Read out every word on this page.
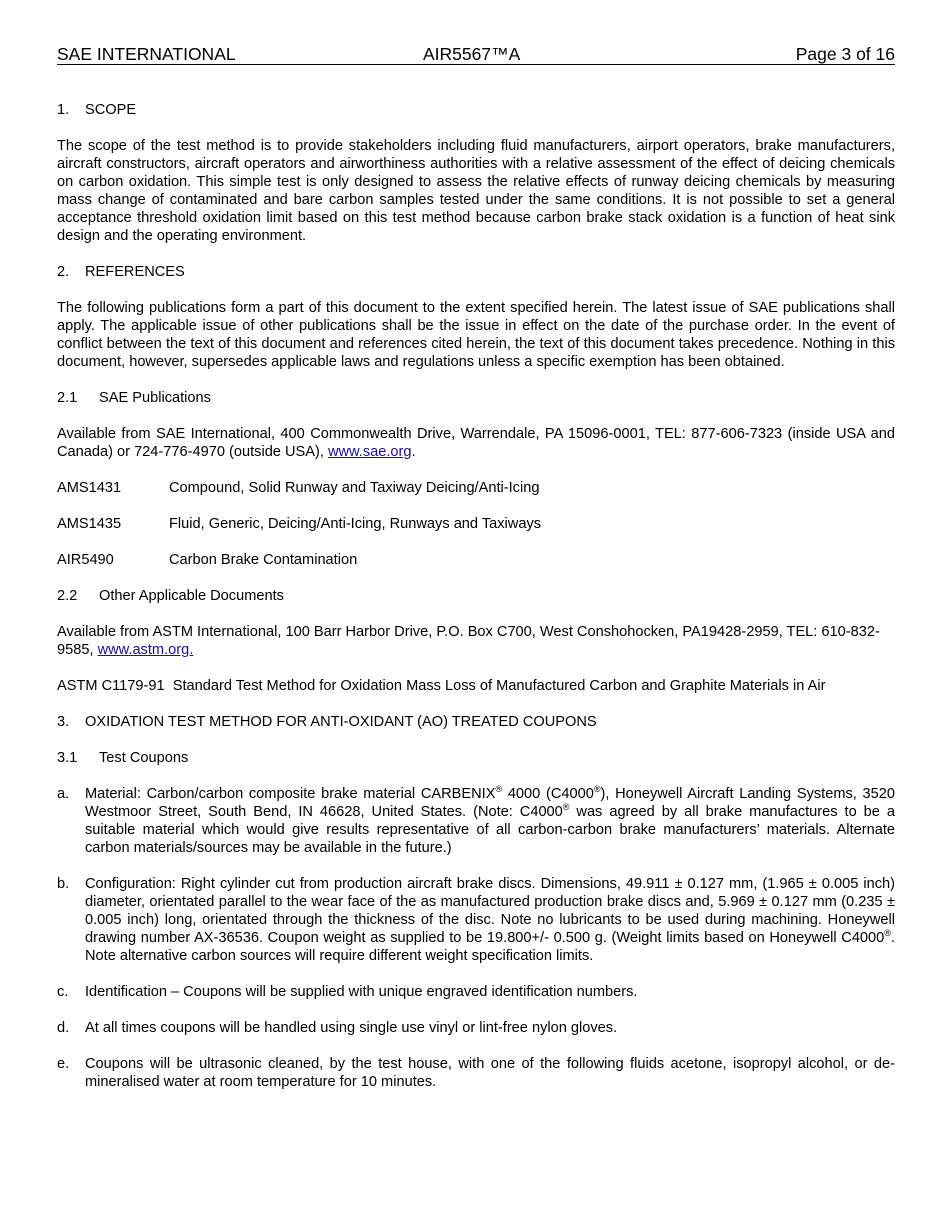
SAE INTERNATIONAL	AIR5567™A	Page 3 of 16
1.	SCOPE

The scope of the test method is to provide stakeholders including fluid manufacturers, airport operators, brake manufacturers, aircraft constructors, aircraft operators and airworthiness authorities with a relative assessment of the effect of deicing chemicals on carbon oxidation. This simple test is only designed to assess the relative effects of runway deicing chemicals by measuring mass change of contaminated and bare carbon samples tested under the same conditions. It is not possible to set a general acceptance threshold oxidation limit based on this test method because carbon brake stack oxidation is a function of heat sink design and the operating environment.

2.	REFERENCES

The following publications form a part of this document to the extent specified herein. The latest issue of SAE publications shall apply. The applicable issue of other publications shall be the issue in effect on the date of the purchase order. In the event of conflict between the text of this document and references cited herein, the text of this document takes precedence. Nothing in this document, however, supersedes applicable laws and regulations unless a specific exemption has been obtained.

2.1	SAE Publications

Available from SAE International, 400 Commonwealth Drive, Warrendale, PA 15096-0001, TEL: 877-606-7323 (inside USA and Canada) or 724-776-4970 (outside USA), www.sae.org.

AMS1431	Compound, Solid Runway and Taxiway Deicing/Anti-Icing
AMS1435	Fluid, Generic, Deicing/Anti-Icing, Runways and Taxiways
AIR5490	Carbon Brake Contamination
2.2	Other Applicable Documents

Available from ASTM International, 100 Barr Harbor Drive, P.O. Box C700, West Conshohocken, PA19428-2959, TEL: 610-832-9585, www.astm.org.

ASTM C1179-91  Standard Test Method for Oxidation Mass Loss of Manufactured Carbon and Graphite Materials in Air

3.	OXIDATION TEST METHOD FOR ANTI-OXIDANT (AO) TREATED COUPONS
3.1	Test Coupons
a.	Material: Carbon/carbon composite brake material CARBENIX® 4000 (C4000®), Honeywell Aircraft Landing Systems, 3520 Westmoor Street, South Bend, IN 46628, United States. (Note: C4000® was agreed by all brake manufactures to be a suitable material which would give results representative of all carbon-carbon brake manufacturers’ materials. Alternate carbon materials/sources may be available in the future.)
b.	Configuration: Right cylinder cut from production aircraft brake discs. Dimensions, 49.911 ± 0.127 mm, (1.965 ± 0.005 inch) diameter, orientated parallel to the wear face of the as manufactured production brake discs and, 5.969 ± 0.127 mm (0.235 ± 0.005 inch) long, orientated through the thickness of the disc. Note no lubricants to be used during machining. Honeywell drawing number AX-36536. Coupon weight as supplied to be 19.800+/- 0.500 g. (Weight limits based on Honeywell C4000®. Note alternative carbon sources will require different weight specification limits.
c.	Identification – Coupons will be supplied with unique engraved identification numbers.
d.	At all times coupons will be handled using single use vinyl or lint-free nylon gloves.
e.	Coupons will be ultrasonic cleaned, by the test house, with one of the following fluids acetone, isopropyl alcohol, or de-mineralised water at room temperature for 10 minutes.
